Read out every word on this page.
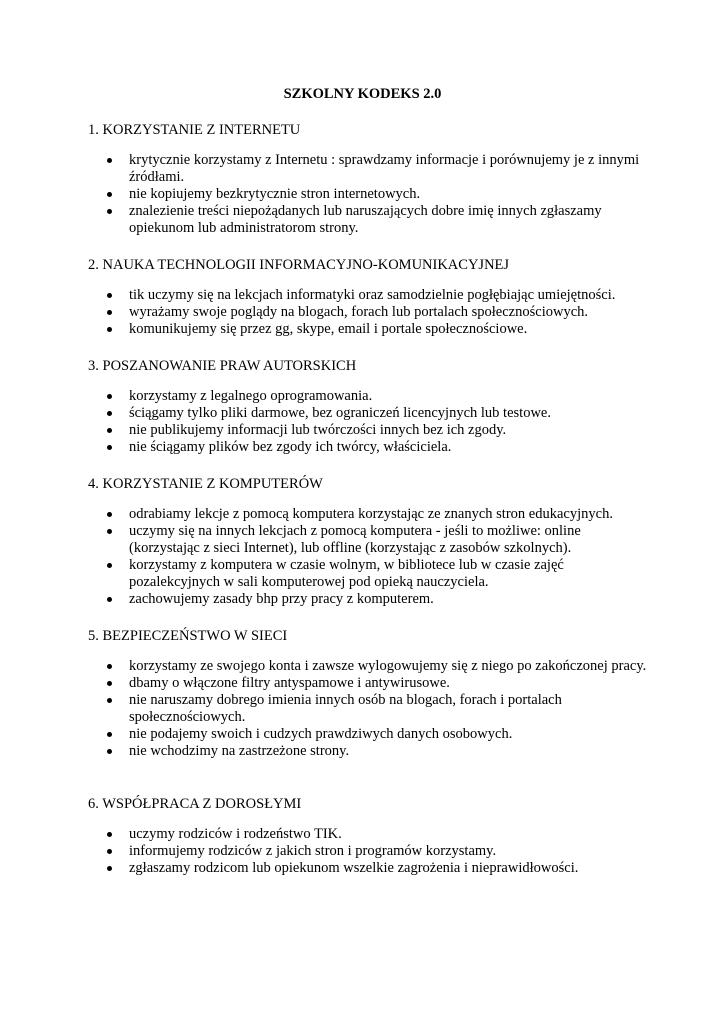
SZKOLNY KODEKS 2.0
1. KORZYSTANIE Z INTERNETU
krytycznie korzystamy z Internetu : sprawdzamy informacje i porównujemy je z innymi źródłami.
nie kopiujemy bezkrytycznie stron internetowych.
znalezienie treści niepożądanych lub naruszających dobre imię innych zgłaszamy opiekunom lub administratorom strony.
2. NAUKA TECHNOLOGII INFORMACYJNO-KOMUNIKACYJNEJ
tik uczymy się na lekcjach informatyki oraz samodzielnie pogłębiając umiejętności.
wyrażamy swoje poglądy na blogach, forach lub portalach społecznościowych.
komunikujemy się przez gg, skype, email i portale społecznościowe.
3. POSZANOWANIE PRAW AUTORSKICH
korzystamy z legalnego oprogramowania.
ściągamy tylko pliki darmowe, bez ograniczeń licencyjnych lub testowe.
nie publikujemy informacji lub twórczości innych bez ich zgody.
nie ściągamy plików bez zgody ich twórcy, właściciela.
4. KORZYSTANIE Z KOMPUTERÓW
odrabiamy lekcje z pomocą komputera korzystając ze znanych stron edukacyjnych.
uczymy się na innych lekcjach z pomocą komputera - jeśli to możliwe: online (korzystając z sieci Internet), lub offline (korzystając z zasobów szkolnych).
korzystamy z komputera w czasie wolnym, w bibliotece lub w czasie zajęć pozalekcyjnych w sali komputerowej pod opieką nauczyciela.
zachowujemy zasady bhp przy pracy z komputerem.
5. BEZPIECZEŃSTWO W SIECI
korzystamy ze swojego konta i zawsze wylogowujemy się z niego po zakończonej pracy.
dbamy o włączone filtry antyspamowe i antywirusowe.
nie naruszamy dobrego imienia innych osób na blogach, forach i portalach społecznościowych.
nie podajemy swoich i cudzych prawdziwych danych osobowych.
nie wchodzimy na zastrzeżone strony.
6. WSPÓŁPRACA Z DOROSŁYMI
uczymy rodziców i rodzeństwo TIK.
informujemy rodziców z jakich stron i programów korzystamy.
zgłaszamy rodzicom lub opiekunom wszelkie zagrożenia i nieprawidłowości.
